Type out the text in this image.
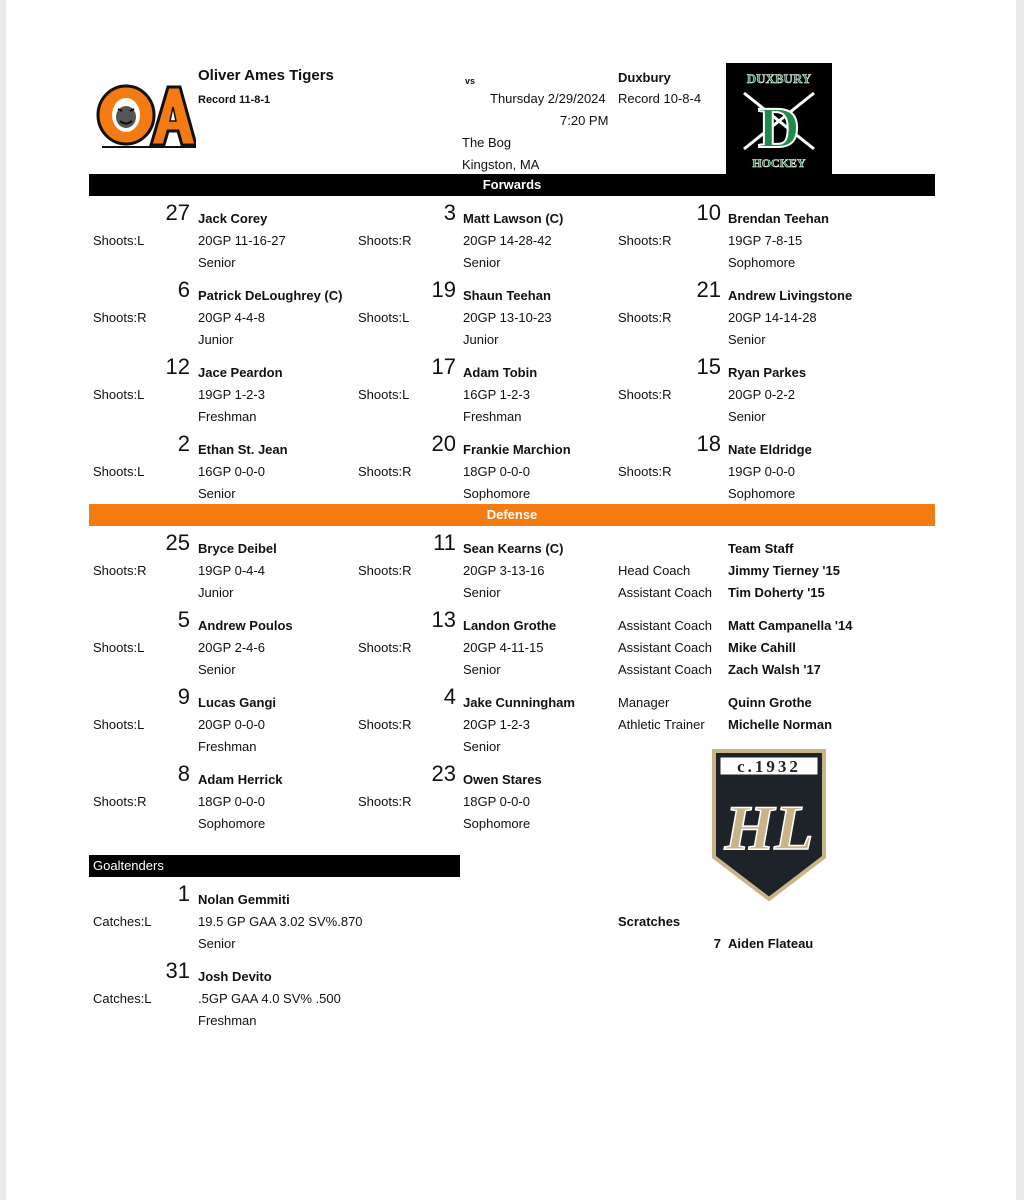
Oliver Ames Tigers
Record 11-8-1
vs
Thursday 2/29/2024
7:20 PM
The Bog
Kingston, MA
Duxbury
Record 10-8-4
DUXBURY
D
HOCKEY
Forwards
27 Jack Corey
Shoots:L	20GP 11-16-27
Senior
3 Matt Lawson (C)
Shoots:R	20GP 14-28-42
Senior
10 Brendan Teehan
Shoots:R	19GP 7-8-15
Sophomore
6 Patrick DeLoughrey (C)
Shoots:R	20GP 4-4-8
Junior
19 Shaun Teehan
Shoots:L	20GP 13-10-23
Junior
21 Andrew Livingstone
Shoots:R	20GP 14-14-28
Senior
12 Jace Peardon
Shoots:L	19GP 1-2-3
Freshman
17 Adam Tobin
Shoots:L	16GP 1-2-3
Freshman
15 Ryan Parkes
Shoots:R	20GP 0-2-2
Senior
2 Ethan St. Jean
Shoots:L	16GP 0-0-0
Senior
20 Frankie Marchion
Shoots:R	18GP 0-0-0
Sophomore
18 Nate Eldridge
Shoots:R	19GP 0-0-0
Sophomore
Defense
25 Bryce Deibel
Shoots:R	19GP 0-4-4
Junior
11 Sean Kearns (C)
Shoots:R	20GP 3-13-16
Senior
5 Andrew Poulos
Shoots:L	20GP 2-4-6
Senior
13 Landon Grothe
Shoots:R	20GP 4-11-15
Senior
9 Lucas Gangi
Shoots:L	20GP 0-0-0
Freshman
4 Jake Cunningham
Shoots:R	20GP 1-2-3
Senior
8 Adam Herrick
Shoots:R	18GP 0-0-0
Sophomore
23 Owen Stares
Shoots:R	18GP 0-0-0
Sophomore
Team Staff
Head Coach	Jimmy Tierney '15
Assistant Coach Tim Doherty '15
Assistant Coach Matt Campanella '14
Assistant Coach Mike Cahill
Assistant Coach Zach Walsh '17
Manager	Quinn Grothe
Athletic Trainer Michelle Norman
c.1932
HL
Goaltenders
1 Nolan Gemmiti
Catches:L	19.5 GP GAA 3.02 SV%.870
Senior
31 Josh Devito
Catches:L	.5GP GAA 4.0 SV% .500
Freshman
Scratches
7 Aiden Flateau
